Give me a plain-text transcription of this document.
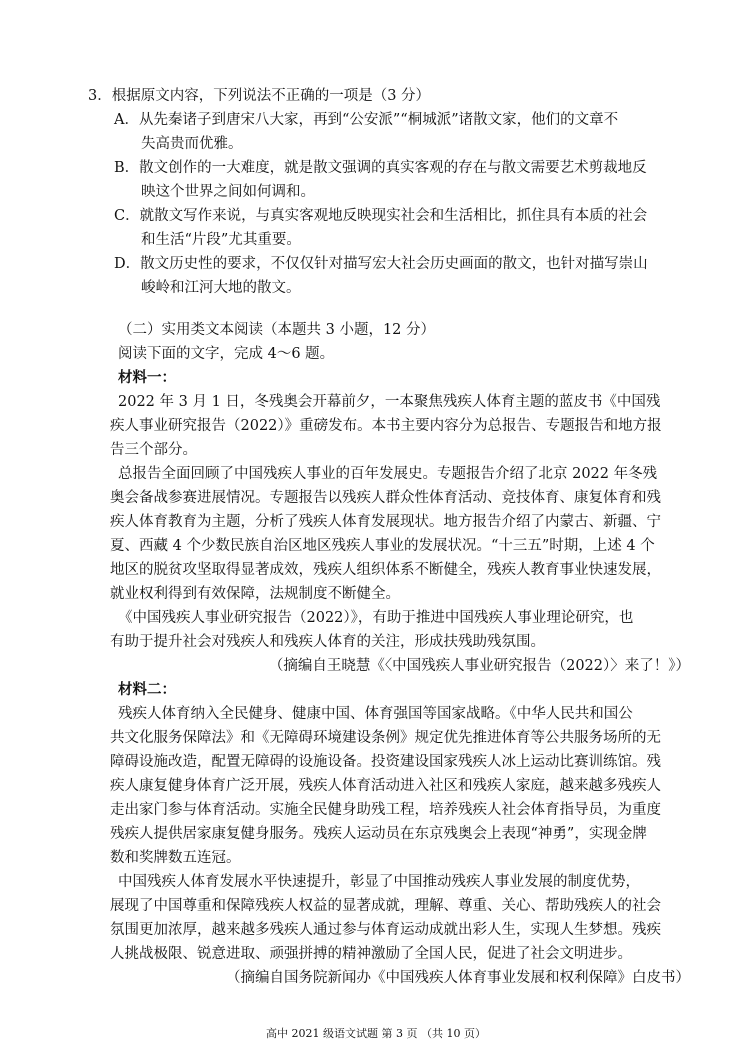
3．根据原文内容，下列说法不正确的一项是（3 分）
A．从先秦诸子到唐宋八大家，再到“公安派”“桐城派”诸散文家，他们的文章不
失高贵而优雅。
B．散文创作的一大难度，就是散文强调的真实客观的存在与散文需要艺术剪裁地反
映这个世界之间如何调和。
C．就散文写作来说，与真实客观地反映现实社会和生活相比，抓住具有本质的社会
和生活“片段”尤其重要。
D．散文历史性的要求，不仅仅针对描写宏大社会历史画面的散文，也针对描写崇山
峻岭和江河大地的散文。
（二）实用类文本阅读（本题共 3 小题，12 分）
阅读下面的文字，完成 4～6 题。
材料一：
2022 年 3 月 1 日，冬残奥会开幕前夕，一本聚焦残疾人体育主题的蓝皮书《中国残
疾人事业研究报告（2022）》重磅发布。本书主要内容分为总报告、专题报告和地方报
告三个部分。
总报告全面回顾了中国残疾人事业的百年发展史。专题报告介绍了北京 2022 年冬残
奥会备战参赛进展情况。专题报告以残疾人群众性体育活动、竞技体育、康复体育和残
疾人体育教育为主题，分析了残疾人体育发展现状。地方报告介绍了内蒙古、新疆、宁
夏、西藏 4 个少数民族自治区地区残疾人事业的发展状况。“十三五”时期，上述 4 个
地区的脱贫攻坚取得显著成效，残疾人组织体系不断健全，残疾人教育事业快速发展，
就业权利得到有效保障，法规制度不断健全。
《中国残疾人事业研究报告（2022）》，有助于推进中国残疾人事业理论研究，也
有助于提升社会对残疾人和残疾人体育的关注，形成扶残助残氛围。
（摘编自王晓慧《〈中国残疾人事业研究报告（2022）〉来了！》）
材料二：
残疾人体育纳入全民健身、健康中国、体育强国等国家战略。《中华人民共和国公
共文化服务保障法》和《无障碍环境建设条例》规定优先推进体育等公共服务场所的无
障碍设施改造，配置无障碍的设施设备。投资建设国家残疾人冰上运动比赛训练馆。残
疾人康复健身体育广泛开展，残疾人体育活动进入社区和残疾人家庭，越来越多残疾人
走出家门参与体育活动。实施全民健身助残工程，培养残疾人社会体育指导员，为重度
残疾人提供居家康复健身服务。残疾人运动员在东京残奥会上表现“神勇”，实现金牌
数和奖牌数五连冠。
中国残疾人体育发展水平快速提升，彰显了中国推动残疾人事业发展的制度优势，
展现了中国尊重和保障残疾人权益的显著成就，理解、尊重、关心、帮助残疾人的社会
氛围更加浓厚，越来越多残疾人通过参与体育运动成就出彩人生，实现人生梦想。残疾
人挑战极限、锐意进取、顽强拼搏的精神激励了全国人民，促进了社会文明进步。
（摘编自国务院新闻办《中国残疾人体育事业发展和权利保障》白皮书）
高中 2021 级语文试题 第 3 页 （共 10 页）
